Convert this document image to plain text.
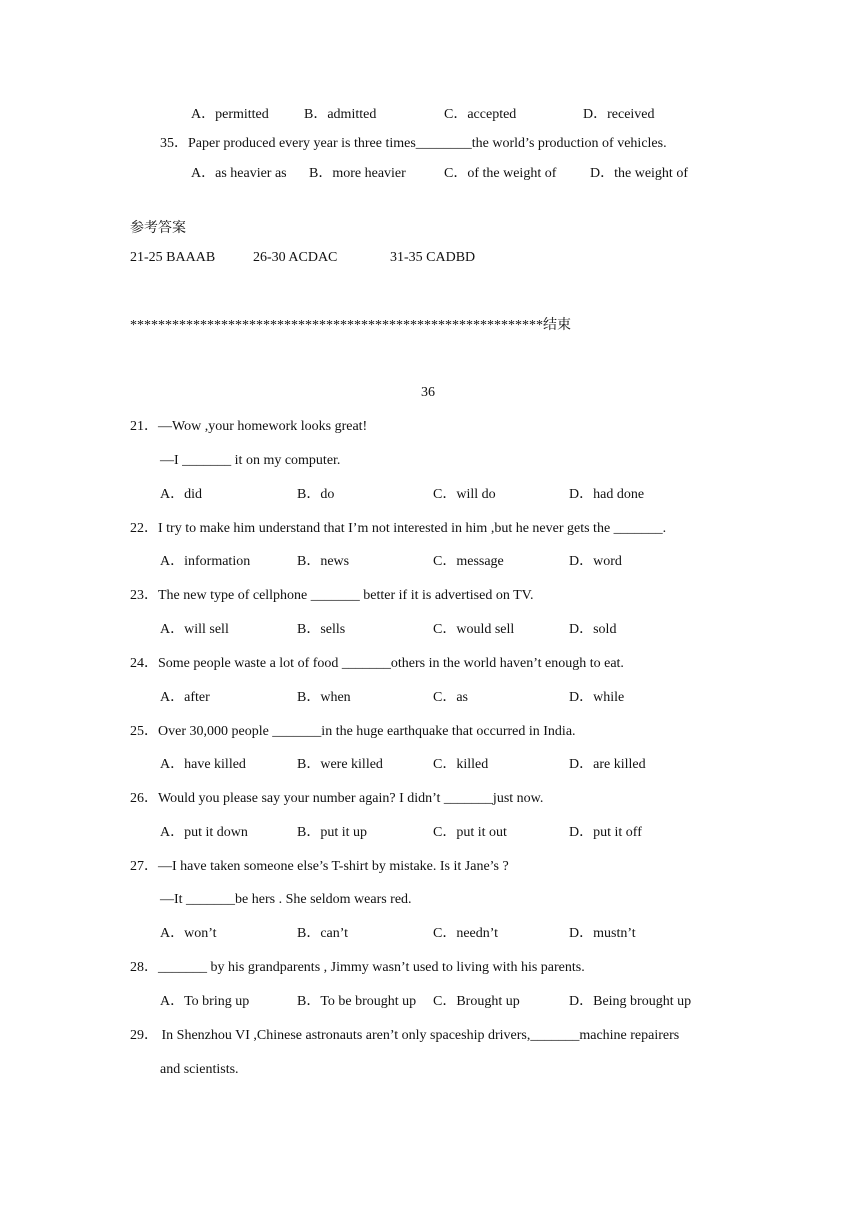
A．permitted	B．admitted	C．accepted	D．received
35．Paper produced every year is three times________the world’s production of vehicles.
A．as heavier as B．more heavier	C．of the weight of D．the weight of
参考答案
21-25 BAAAB	26-30 ACDAC	31-35 CADBD
***********************************************************结束
36
21．—Wow ,your homework looks great!
—I _______ it on my computer.
A．did	B．do	C．will do	D．had done
22．I try to make him understand that I’m not interested in him ,but he never gets the _______.
A．information	B．news	C．message	D．word
23．The new type of cellphone _______ better if it is advertised on TV.
A．will sell	B．sells	C．would sell	D．sold
24．Some people waste a lot of food _______others in the world haven’t enough to eat.
A．after	B．when	C．as	D．while
25．Over 30,000 people _______in the huge earthquake that occurred in India.
A．have killed	B．were killed	C．killed	D．are killed
26．Would you please say your number again? I didn’t _______just now.
A．put it down	B．put it up	C．put it out	D．put it off
27．—I have taken someone else’s T-shirt by mistake. Is it Jane’s ?
—It _______be hers . She seldom wears red.
A．won’t	B．can’t	C．needn’t	D．mustn’t
28．_______ by his grandparents , Jimmy wasn’t used to living with his parents.
A．To bring up	B．To be brought up C．Brought up	D．Being brought up
29． In Shenzhou VI ,Chinese astronauts aren’t only spaceship drivers,_______machine repairers
and scientists.
